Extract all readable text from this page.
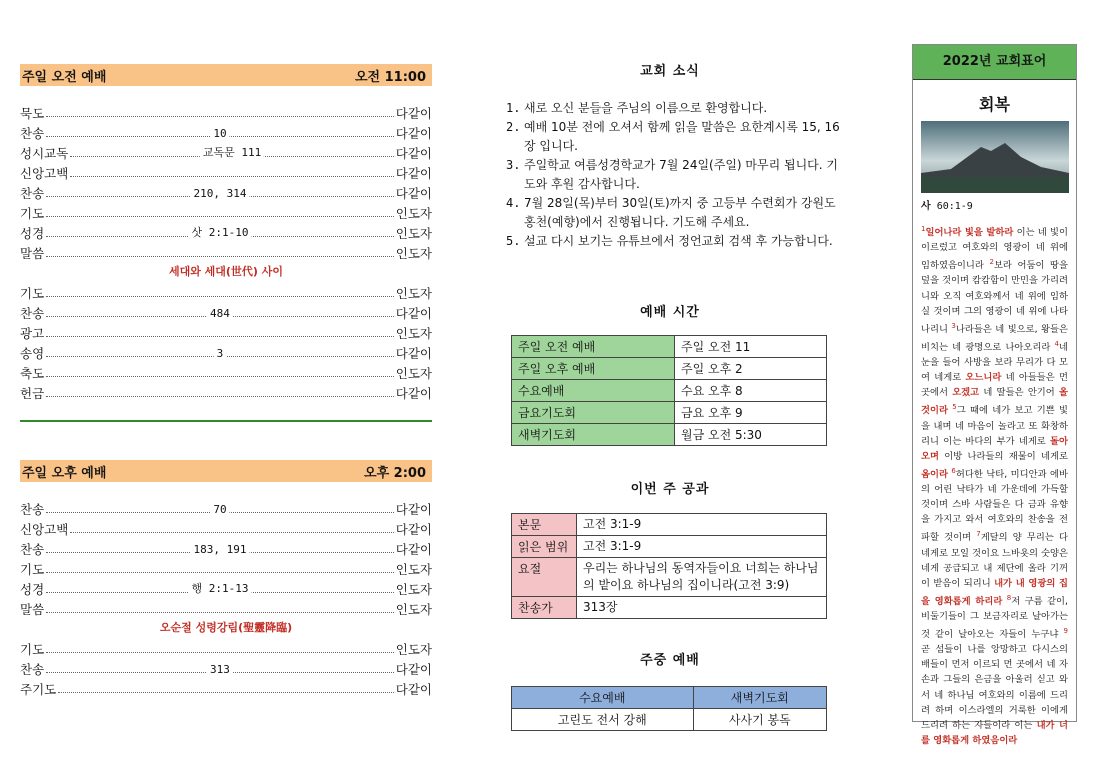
주일 오전 예배	오전 11:00
묵도	다같이
찬송	10	다같이
성시교독	교독문 111	다같이
신앙고백	다같이
찬송	210, 314	다같이
기도	인도자
성경	삿 2:1-10	인도자
말씀	인도자
세대와 세대(世代) 사이
기도	인도자
찬송	484	다같이
광고	인도자
송영	3	다같이
축도	인도자
헌금	다같이
주일 오후 예배	오후 2:00
찬송	70	다같이
신앙고백	다같이
찬송	183, 191	다같이
기도	인도자
성경	행 2:1-13	인도자
말씀	인도자
오순절 성령강림(聖靈降臨)
기도	인도자
찬송	313	다같이
주기도	다같이
교회 소식
1. 새로 오신 분들을 주님의 이름으로 환영합니다.
2. 예배 10분 전에 오셔서 함께 읽을 말씀은 요한계시록 15, 16장 입니다.
3. 주일학교 여름성경학교가 7월 24일(주일) 마무리 됩니다. 기도와 후원 감사합니다.
4. 7월 28일(목)부터 30일(토)까지 중 고등부 수련회가 강원도 홍천(예향)에서 진행됩니다. 기도해 주세요.
5. 설교 다시 보기는 유튜브에서 정언교회 검색 후 가능합니다.
예배 시간
주일 오전 예배	주일 오전 11
주일 오후 예배	주일 오후 2
수요예배	수요 오후 8
금요기도회	금요 오후 9
새벽기도회	월금 오전 5:30
이번 주 공과
본문	고전 3:1-9
읽은 범위	고전 3:1-9
요절	우리는 하나님의 동역자들이요 너희는 하나님의 밭이요 하나님의 집이니라(고전 3:9)
찬송가	313장
주중 예배
수요예배	새벽기도회
고린도 전서 강해	사사기 봉독
2022년 교회표어
회복
사 60:1-9
$^1$일어나라 빛을 발하라 이는 네 빛이 이르렀고 여호와의 영광이 네 위에 임하였음이니라 $^2$보라 어둠이 땅을 덮을 것이며 캄캄함이 만민을 가리려니와 오직 여호와께서 네 위에 임하실 것이며 그의 영광이 네 위에 나타나리니 $^3$나라들은 네 빛으로, 왕들은 비치는 네 광명으로 나아오리라 $^4$네 눈을 들어 사방을 보라 무리가 다 모여 네게로 오느니라 네 아들들은 먼 곳에서 오겠고 네 딸들은 안기어 올 것이라 $^5$그 때에 네가 보고 기쁜 빛을 내며 네 마음이 놀라고 또 화창하리니 이는 바다의 부가 네게로 돌아오며 이방 나라들의 재물이 네게로 옴이라 $^6$허다한 낙타, 미디안과 에바의 어린 낙타가 네 가운데에 가득할 것이며 스바 사람들은 다 금과 유향을 가지고 와서 여호와의 찬송을 전파할 것이며 $^7$게달의 양 무리는 다 네게로 모일 것이요 느바욧의 숫양은 네게 공급되고 내 제단에 올라 기꺼이 받음이 되리니 내가 내 영광의 집을 영화롭게 하리라 $^8$저 구름 같이, 비둘기들이 그 보금자리로 날아가는 것 같이 날아오는 자들이 누구냐 $^9$ 곧 섬들이 나를 앙망하고 다시스의 배들이 먼저 이르되 먼 곳에서 네 자손과 그들의 은금을 아울러 싣고 와서 네 하나님 여호와의 이름에 드리려 하며 이스라엘의 거룩한 이에게 드리려 하는 자들이라 이는 내가 너를 영화롭게 하였음이라
